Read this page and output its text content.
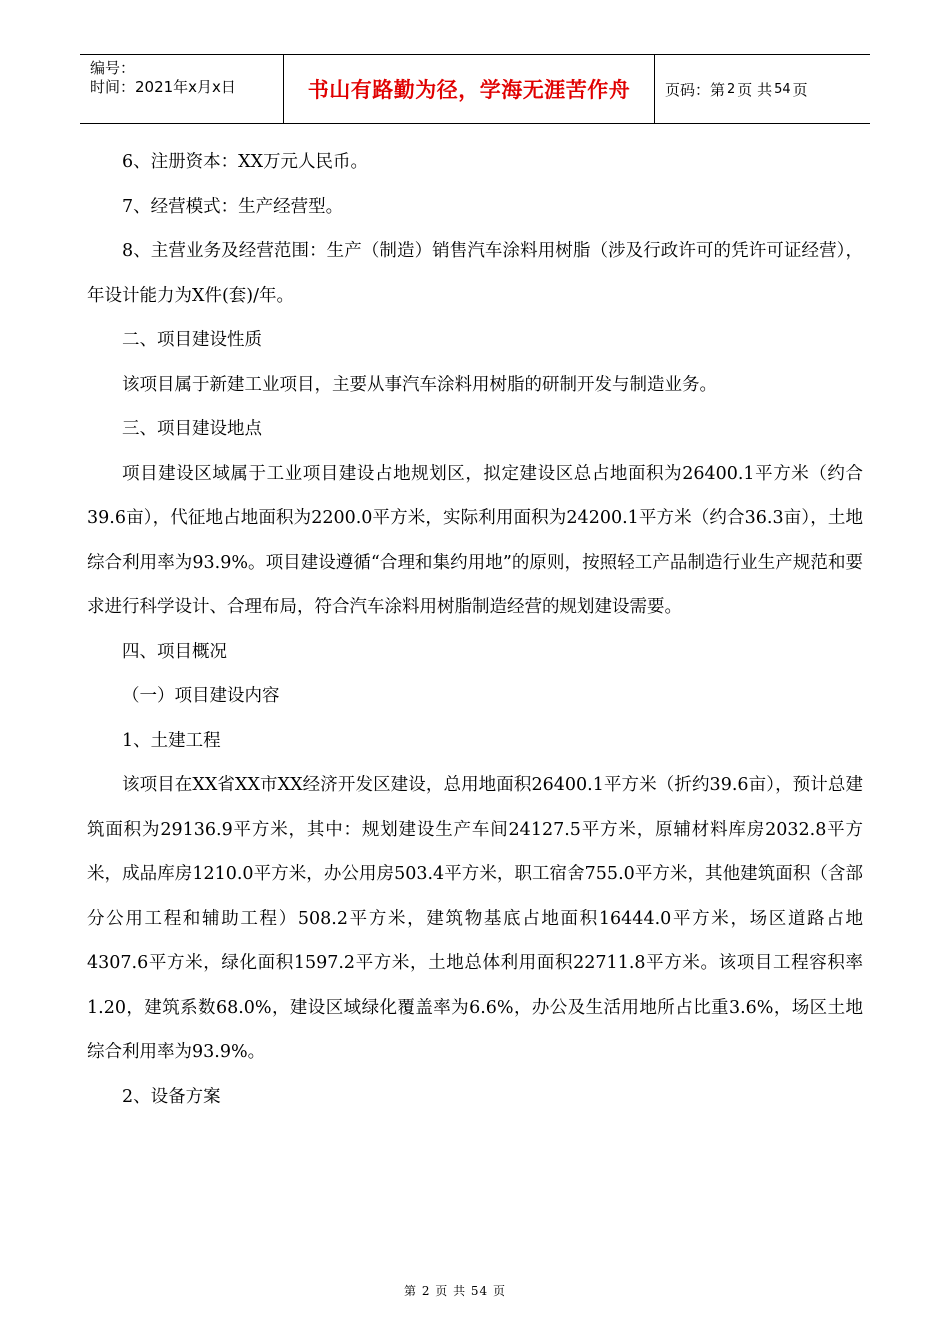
编号：
时间：2021年x月x日	书山有路勤为径，学海无涯苦作舟 页码：第 2 页 共 54 页

6、注册资本：XX万元人民币。

7、经营模式：生产经营型。

8、主营业务及经营范围：生产（制造）销售汽车涂料用树脂（涉及行政许可的凭许可证经营），年设计能力为X件(套)/年。

二、项目建设性质

该项目属于新建工业项目，主要从事汽车涂料用树脂的研制开发与制造业务。

三、项目建设地点

项目建设区域属于工业项目建设占地规划区，拟定建设区总占地面积为26400.1平方米（约合39.6亩），代征地占地面积为2200.0平方米，实际利用面积为24200.1平方米（约合36.3亩），土地综合利用率为93.9%。项目建设遵循“合理和集约用地”的原则，按照轻工产品制造行业生产规范和要求进行科学设计、合理布局，符合汽车涂料用树脂制造经营的规划建设需要。

四、项目概况

（一）项目建设内容

1、土建工程

该项目在XX省XX市XX经济开发区建设，总用地面积26400.1平方米（折约39.6亩），预计总建筑面积为29136.9平方米，其中：规划建设生产车间24127.5平方米，原辅材料库房2032.8平方米，成品库房1210.0平方米，办公用房503.4平方米，职工宿舍755.0平方米，其他建筑面积（含部分公用工程和辅助工程）508.2平方米，建筑物基底占地面积16444.0平方米，场区道路占地4307.6平方米，绿化面积1597.2平方米，土地总体利用面积22711.8平方米。该项目工程容积率1.20，建筑系数68.0%，建设区域绿化覆盖率为6.6%，办公及生活用地所占比重3.6%，场区土地综合利用率为93.9%。

2、设备方案

第 2 页 共 54 页
